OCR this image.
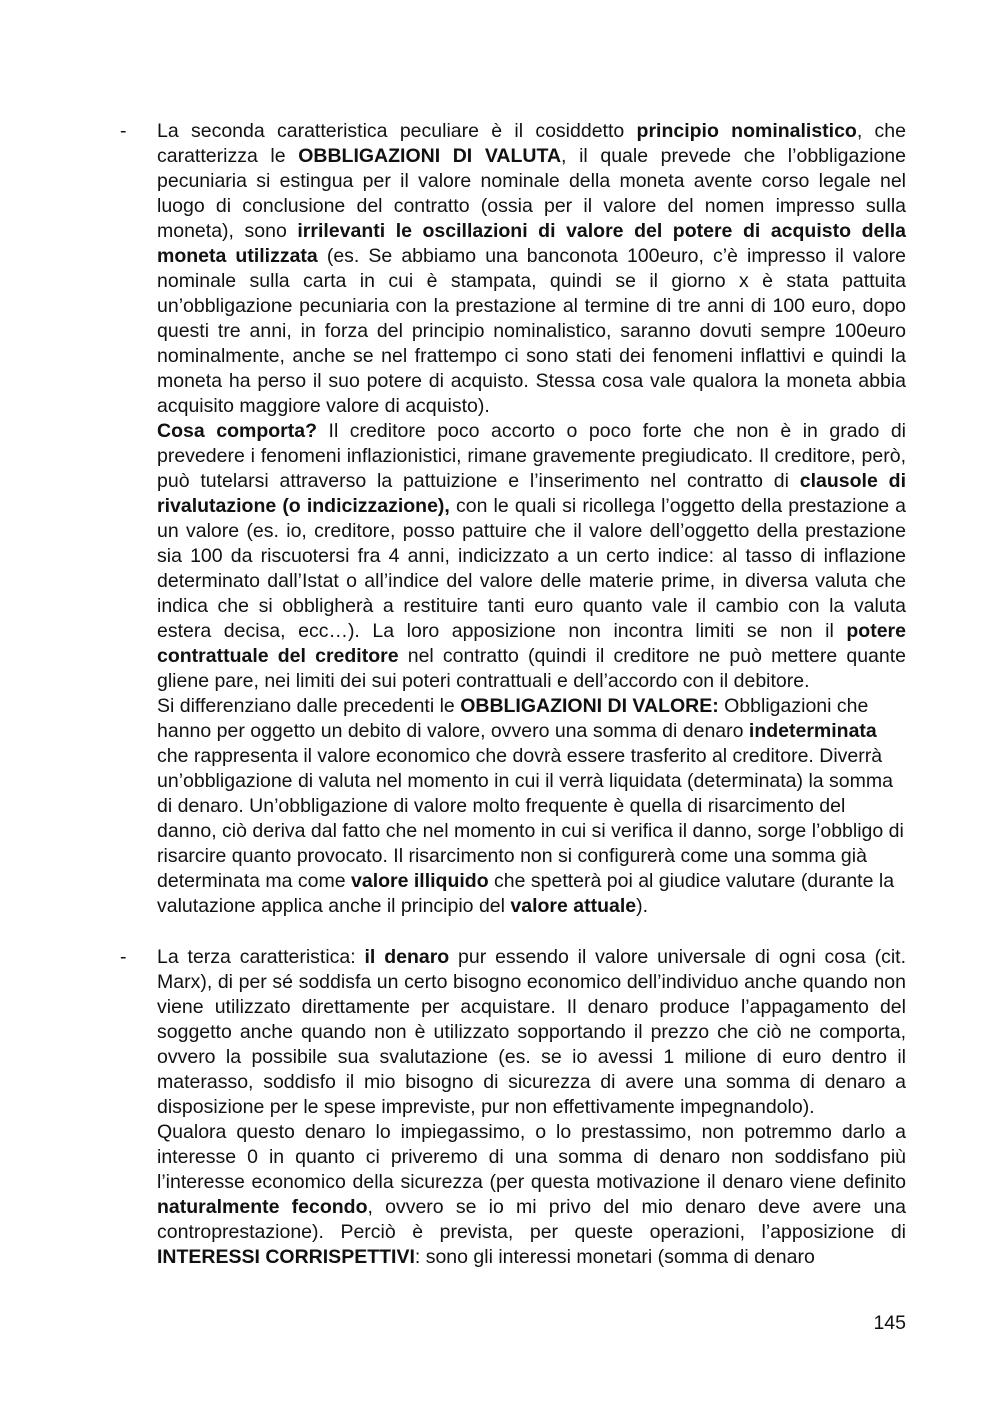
-	La seconda caratteristica peculiare è il cosiddetto principio nominalistico, che caratterizza le OBBLIGAZIONI DI VALUTA, il quale prevede che l’obbligazione pecuniaria si estingua per il valore nominale della moneta avente corso legale nel luogo di conclusione del contratto (ossia per il valore del nomen impresso sulla moneta), sono irrilevanti le oscillazioni di valore del potere di acquisto della moneta utilizzata (es. Se abbiamo una banconota 100euro, c’è impresso il valore nominale sulla carta in cui è stampata, quindi se il giorno x è stata pattuita un’obbligazione pecuniaria con la prestazione al termine di tre anni di 100 euro, dopo questi tre anni, in forza del principio nominalistico, saranno dovuti sempre 100euro nominalmente, anche se nel frattempo ci sono stati dei fenomeni inflattivi e quindi la moneta ha perso il suo potere di acquisto. Stessa cosa vale qualora la moneta abbia acquisito maggiore valore di acquisto).

Cosa comporta? Il creditore poco accorto o poco forte che non è in grado di prevedere i fenomeni inflazionistici, rimane gravemente pregiudicato. Il creditore, però, può tutelarsi attraverso la pattuizione e l’inserimento nel contratto di clausole di rivalutazione (o indicizzazione), con le quali si ricollega l’oggetto della prestazione a un valore (es. io, creditore, posso pattuire che il valore dell’oggetto della prestazione sia 100 da riscuotersi fra 4 anni, indicizzato a un certo indice: al tasso di inflazione determinato dall’Istat o all’indice del valore delle materie prime, in diversa valuta che indica che si obbligherà a restituire tanti euro quanto vale il cambio con la valuta estera decisa, ecc…). La loro apposizione non incontra limiti se non il potere contrattuale del creditore nel contratto (quindi il creditore ne può mettere quante gliene pare, nei limiti dei sui poteri contrattuali e dell’accordo con il debitore.

Si differenziano dalle precedenti le OBBLIGAZIONI DI VALORE: Obbligazioni che hanno per oggetto un debito di valore, ovvero una somma di denaro indeterminata che rappresenta il valore economico che dovrà essere trasferito al creditore. Diverrà un’obbligazione di valuta nel momento in cui il verrà liquidata (determinata) la somma di denaro. Un’obbligazione di valore molto frequente è quella di risarcimento del danno, ciò deriva dal fatto che nel momento in cui si verifica il danno, sorge l’obbligo di risarcire quanto provocato. Il risarcimento non si configurerà come una somma già determinata ma come valore illiquido che spetterà poi al giudice valutare (durante la valutazione applica anche il principio del valore attuale).

-	La terza caratteristica: il denaro pur essendo il valore universale di ogni cosa (cit. Marx), di per sé soddisfa un certo bisogno economico dell’individuo anche quando non viene utilizzato direttamente per acquistare. Il denaro produce l’appagamento del soggetto anche quando non è utilizzato sopportando il prezzo che ciò ne comporta, ovvero la possibile sua svalutazione (es. se io avessi 1 milione di euro dentro il materasso, soddisfo il mio bisogno di sicurezza di avere una somma di denaro a disposizione per le spese impreviste, pur non effettivamente impegnandolo).

Qualora questo denaro lo impiegassimo, o lo prestassimo, non potremmo darlo a interesse 0 in quanto ci priveremo di una somma di denaro non soddisfano più l’interesse economico della sicurezza (per questa motivazione il denaro viene definito naturalmente fecondo, ovvero se io mi privo del mio denaro deve avere una controprestazione). Perciò è prevista, per queste operazioni, l’apposizione di INTERESSI CORRISPETTIVI: sono gli interessi monetari (somma di denaro

145
